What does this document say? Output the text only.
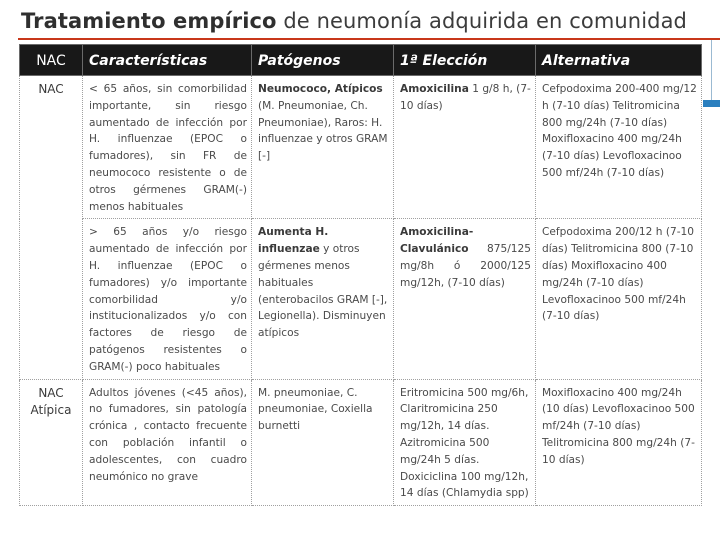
Tratamiento empírico de neumonía adquirida en comunidad
NAC	Características	Patógenos	1ª Elección	Alternativa
NAC	< 65 años, sin comorbilidad importante, sin riesgo aumentado de infección por H. influenzae (EPOC o fumadores), sin FR de neumococo resistente o de otros gérmenes GRAM(-) menos habituales	Neumococo, Atípicos (M. Pneumoniae, Ch. Pneumoniae), Raros: H. influenzae y otros GRAM [-]	Amoxicilina 1 g/8 h, (7-10 días)	Cefpodoxima 200-400 mg/12 h (7-10 días) Telitromicina 800 mg/24h (7-10 días) Moxifloxacino 400 mg/24h (7-10 días) Levofloxacinoo 500 mf/24h (7-10 días)
	> 65 años y/o riesgo aumentado de infección por H. influenzae (EPOC o fumadores) y/o importante comorbilidad y/o institucionalizados y/o con factores de riesgo de patógenos resistentes o GRAM(-) poco habituales	Aumenta H. influenzae y otros gérmenes menos habituales (enterobacilos GRAM [-], Legionella). Disminuyen atípicos	Amoxicilina-Clavulánico 875/125 mg/8h ó 2000/125 mg/12h, (7-10 días)	Cefpodoxima 200/12 h (7-10 días) Telitromicina 800 (7-10 días) Moxifloxacino 400 mg/24h (7-10 días) Levofloxacinoo 500 mf/24h (7-10 días)
NAC Atípica	Adultos jóvenes (<45 años), no fumadores, sin patología crónica , contacto frecuente con población infantil o adolescentes, con cuadro neumónico no grave	M. pneumoniae, C. pneumoniae, Coxiella burnetti	Eritromicina 500 mg/6h, Claritromicina 250 mg/12h, 14 días. Azitromicina 500 mg/24h 5 días. Doxiciclina 100 mg/12h, 14 días (Chlamydia spp)	Moxifloxacino 400 mg/24h (10 días) Levofloxacinoo 500 mf/24h (7-10 días) Telitromicina 800 mg/24h (7-10 días)
